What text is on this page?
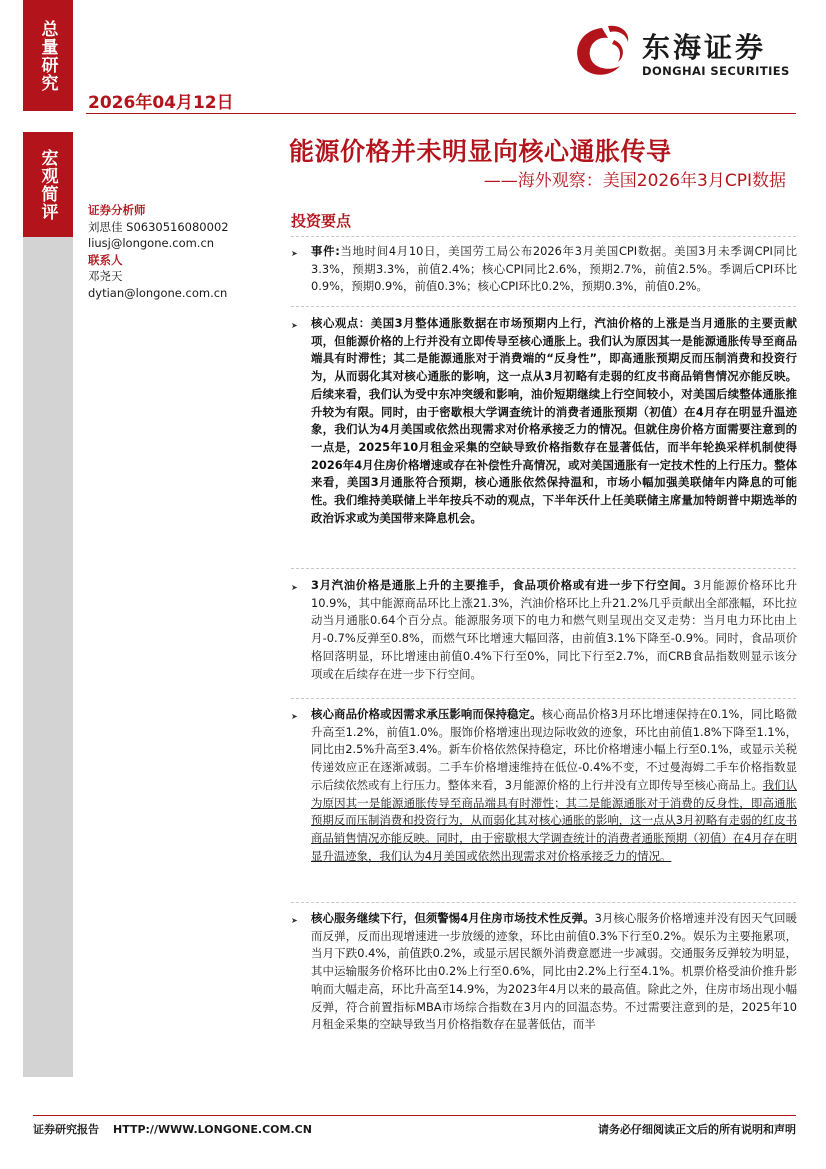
总量研究
宏观简评
2026年04月12日
东海证券
DONGHAI SECURITIES
能源价格并未明显向核心通胀传导
——海外观察：美国2026年3月CPI数据
证券分析师
刘思佳 S0630516080002
liusj@longone.com.cn
联系人
邓尧天
dytian@longone.com.cn
投资要点
➤ 事件:当地时间4月10日，美国劳工局公布2026年3月美国CPI数据。美国3月未季调CPI同比3.3%，预期3.3%，前值2.4%；核心CPI同比2.6%，预期2.7%，前值2.5%。季调后CPI环比0.9%，预期0.9%，前值0.3%；核心CPI环比0.2%，预期0.3%，前值0.2%。
➤ 核心观点：美国3月整体通胀数据在市场预期内上行，汽油价格的上涨是当月通胀的主要贡献项，但能源价格的上行并没有立即传导至核心通胀上。我们认为原因其一是能源通胀传导至商品端具有时滞性；其二是能源通胀对于消费端的“反身性”，即高通胀预期反而压制消费和投资行为，从而弱化其对核心通胀的影响，这一点从3月初略有走弱的红皮书商品销售情况亦能反映。后续来看，我们认为受中东冲突缓和影响，油价短期继续上行空间较小，对美国后续整体通胀推升较为有限。同时，由于密歇根大学调查统计的消费者通胀预期（初值）在4月存在明显升温迹象，我们认为4月美国或依然出现需求对价格承接乏力的情况。但就住房价格方面需要注意到的一点是，2025年10月租金采集的空缺导致价格指数存在显著低估，而半年轮换采样机制使得2026年4月住房价格增速或存在补偿性升高情况，或对美国通胀有一定技术性的上行压力。整体来看，美国3月通胀符合预期，核心通胀依然保持温和，市场小幅加强美联储年内降息的可能性。我们维持美联储上半年按兵不动的观点，下半年沃什上任美联储主席量加特朗普中期选举的政治诉求或为美国带来降息机会。
➤ 3月汽油价格是通胀上升的主要推手，食品项价格或有进一步下行空间。3月能源价格环比升10.9%，其中能源商品环比上涨21.3%，汽油价格环比上升21.2%几乎贡献出全部涨幅，环比拉动当月通胀0.64个百分点。能源服务项下的电力和燃气则呈现出交叉走势：当月电力环比由上月-0.7%反弹至0.8%，而燃气环比增速大幅回落，由前值3.1%下降至-0.9%。同时，食品项价格回落明显，环比增速由前值0.4%下行至0%，同比下行至2.7%，而CRB食品指数则显示该分项或在后续存在进一步下行空间。
➤ 核心商品价格或因需求承压影响而保持稳定。核心商品价格3月环比增速保持在0.1%，同比略微升高至1.2%，前值1.0%。服饰价格增速出现边际收敛的迹象，环比由前值1.8%下降至1.1%，同比由2.5%升高至3.4%。新车价格依然保持稳定，环比价格增速小幅上行至0.1%，或显示关税传递效应正在逐渐减弱。二手车价格增速维持在低位-0.4%不变，不过曼海姆二手车价格指数显示后续依然或有上行压力。整体来看，3月能源价格的上行并没有立即传导至核心商品上。我们认为原因其一是能源通胀传导至商品端具有时滞性；其二是能源通胀对于消费的反身性，即高通胀预期反而压制消费和投资行为，从而弱化其对核心通胀的影响，这一点从3月初略有走弱的红皮书商品销售情况亦能反映。同时，由于密歇根大学调查统计的消费者通胀预期（初值）在4月存在明显升温迹象，我们认为4月美国或依然出现需求对价格承接乏力的情况。
➤ 核心服务继续下行，但须警惕4月住房市场技术性反弹。3月核心服务价格增速并没有因天气回暖而反弹，反而出现增速进一步放缓的迹象，环比由前值0.3%下行至0.2%。娱乐为主要拖累项，当月下跌0.4%，前值跌0.2%，或显示居民额外消费意愿进一步减弱。交通服务反弹较为明显，其中运输服务价格环比由0.2%上行至0.6%，同比由2.2%上行至4.1%。机票价格受油价推升影响而大幅走高，环比升高至14.9%，为2023年4月以来的最高值。除此之外，住房市场出现小幅反弹，符合前置指标MBA市场综合指数在3月内的回温态势。不过需要注意到的是，2025年10月租金采集的空缺导致当月价格指数存在显著低估，而半
证券研究报告 HTTP://WWW.LONGONE.COM.CN	请务必仔细阅读正文后的所有说明和声明
